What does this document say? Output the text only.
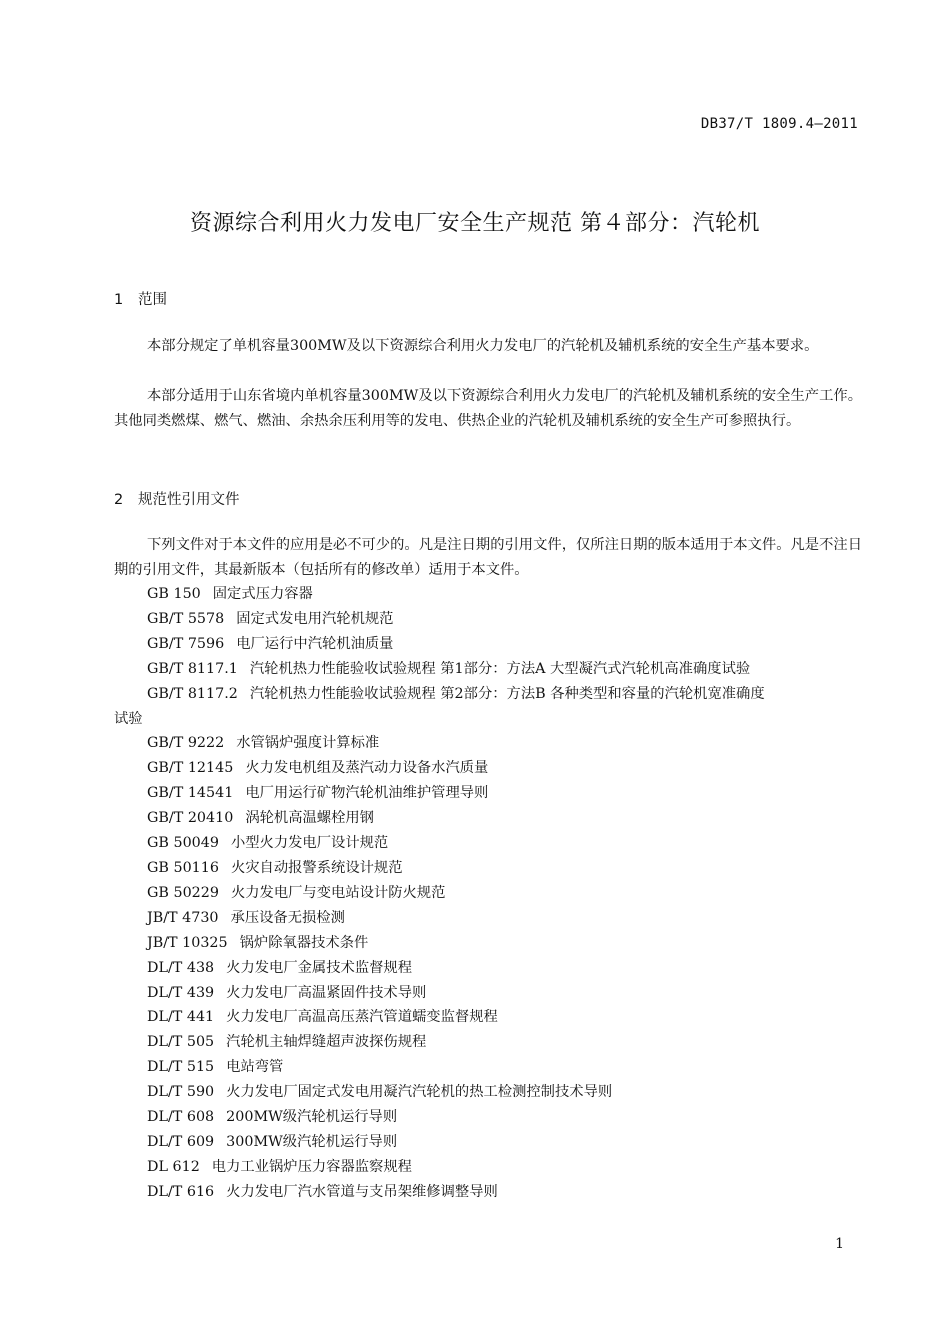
DB37/T 1809.4—2011
资源综合利用火力发电厂安全生产规范 第４部分：汽轮机
1 范围
本部分规定了单机容量300MW及以下资源综合利用火力发电厂的汽轮机及辅机系统的安全生产基本要求。
本部分适用于山东省境内单机容量300MW及以下资源综合利用火力发电厂的汽轮机及辅机系统的安全生产工作。其他同类燃煤、燃气、燃油、余热余压利用等的发电、供热企业的汽轮机及辅机系统的安全生产可参照执行。
2 规范性引用文件
下列文件对于本文件的应用是必不可少的。凡是注日期的引用文件，仅所注日期的版本适用于本文件。凡是不注日期的引用文件，其最新版本（包括所有的修改单）适用于本文件。
GB 150 固定式压力容器
GB/T 5578 固定式发电用汽轮机规范
GB/T 7596 电厂运行中汽轮机油质量
GB/T 8117.1 汽轮机热力性能验收试验规程 第1部分：方法A 大型凝汽式汽轮机高准确度试验
GB/T 8117.2 汽轮机热力性能验收试验规程 第2部分：方法B 各种类型和容量的汽轮机宽准确度
试验
GB/T 9222 水管锅炉强度计算标准
GB/T 12145 火力发电机组及蒸汽动力设备水汽质量
GB/T 14541 电厂用运行矿物汽轮机油维护管理导则
GB/T 20410 涡轮机高温螺栓用钢
GB 50049 小型火力发电厂设计规范
GB 50116 火灾自动报警系统设计规范
GB 50229 火力发电厂与变电站设计防火规范
JB/T 4730 承压设备无损检测
JB/T 10325 锅炉除氧器技术条件
DL/T 438 火力发电厂金属技术监督规程
DL/T 439 火力发电厂高温紧固件技术导则
DL/T 441 火力发电厂高温高压蒸汽管道蠕变监督规程
DL/T 505 汽轮机主轴焊缝超声波探伤规程
DL/T 515 电站弯管
DL/T 590 火力发电厂固定式发电用凝汽汽轮机的热工检测控制技术导则
DL/T 608 200MW级汽轮机运行导则
DL/T 609 300MW级汽轮机运行导则
DL 612 电力工业锅炉压力容器监察规程
DL/T 616 火力发电厂汽水管道与支吊架维修调整导则
1
